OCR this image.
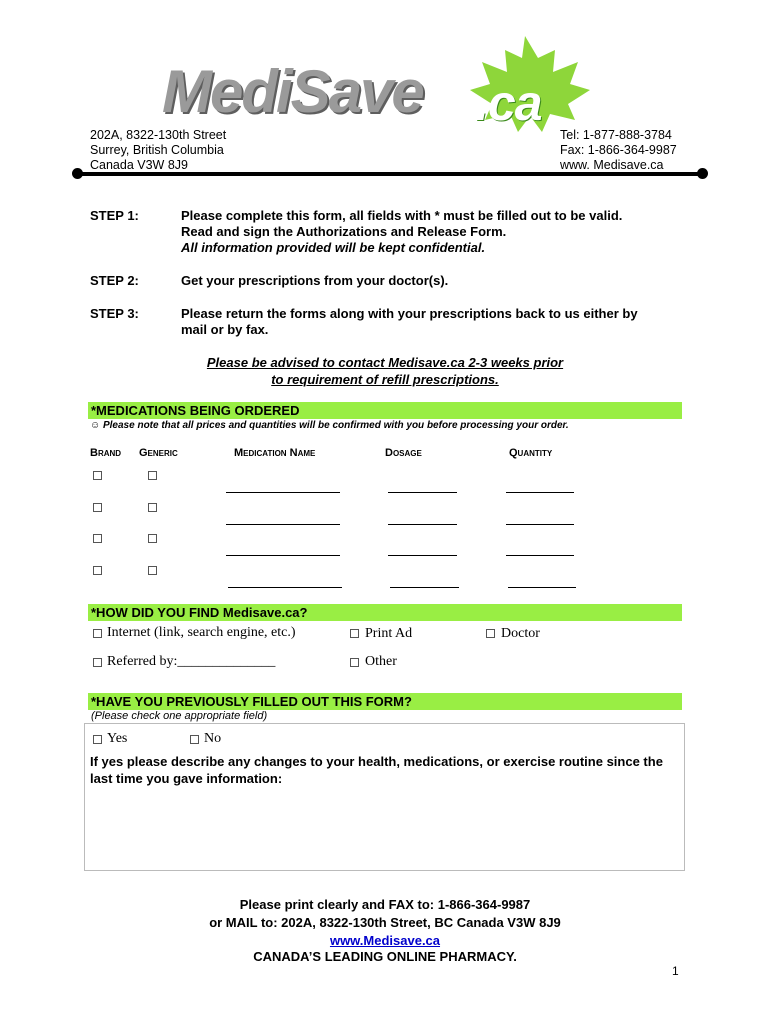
MediSave .ca
202A, 8322-130th Street
Surrey, British Columbia
Canada V3W 8J9
Tel: 1-877-888-3784
Fax: 1-866-364-9987
www. Medisave.ca
STEP 1:	Please complete this form, all fields with * must be filled out to be valid.
Read and sign the Authorizations and Release Form.
All information provided will be kept confidential.
STEP 2:	Get your prescriptions from your doctor(s).
STEP 3:	Please return the forms along with your prescriptions back to us either by
mail or by fax.
Please be advised to contact Medisave.ca 2-3 weeks prior
to requirement of refill prescriptions.
*MEDICATIONS BEING ORDERED
☺ Please note that all prices and quantities will be confirmed with you before processing your order.
Brand Generic	Medication Name	Dosage	Quantity
*HOW DID YOU FIND Medisave.ca?
Internet (link, search engine, etc.)	Print Ad	Doctor
Referred by:______________	Other
*HAVE YOU PREVIOUSLY FILLED OUT THIS FORM?
(Please check one appropriate field)
Yes	No
If yes please describe any changes to your health, medications, or exercise routine since the last time you gave information:
Please print clearly and FAX to: 1-866-364-9987
or MAIL to: 202A, 8322-130th Street, BC Canada V3W 8J9
www.Medisave.ca
CANADA’S LEADING ONLINE PHARMACY.
1
